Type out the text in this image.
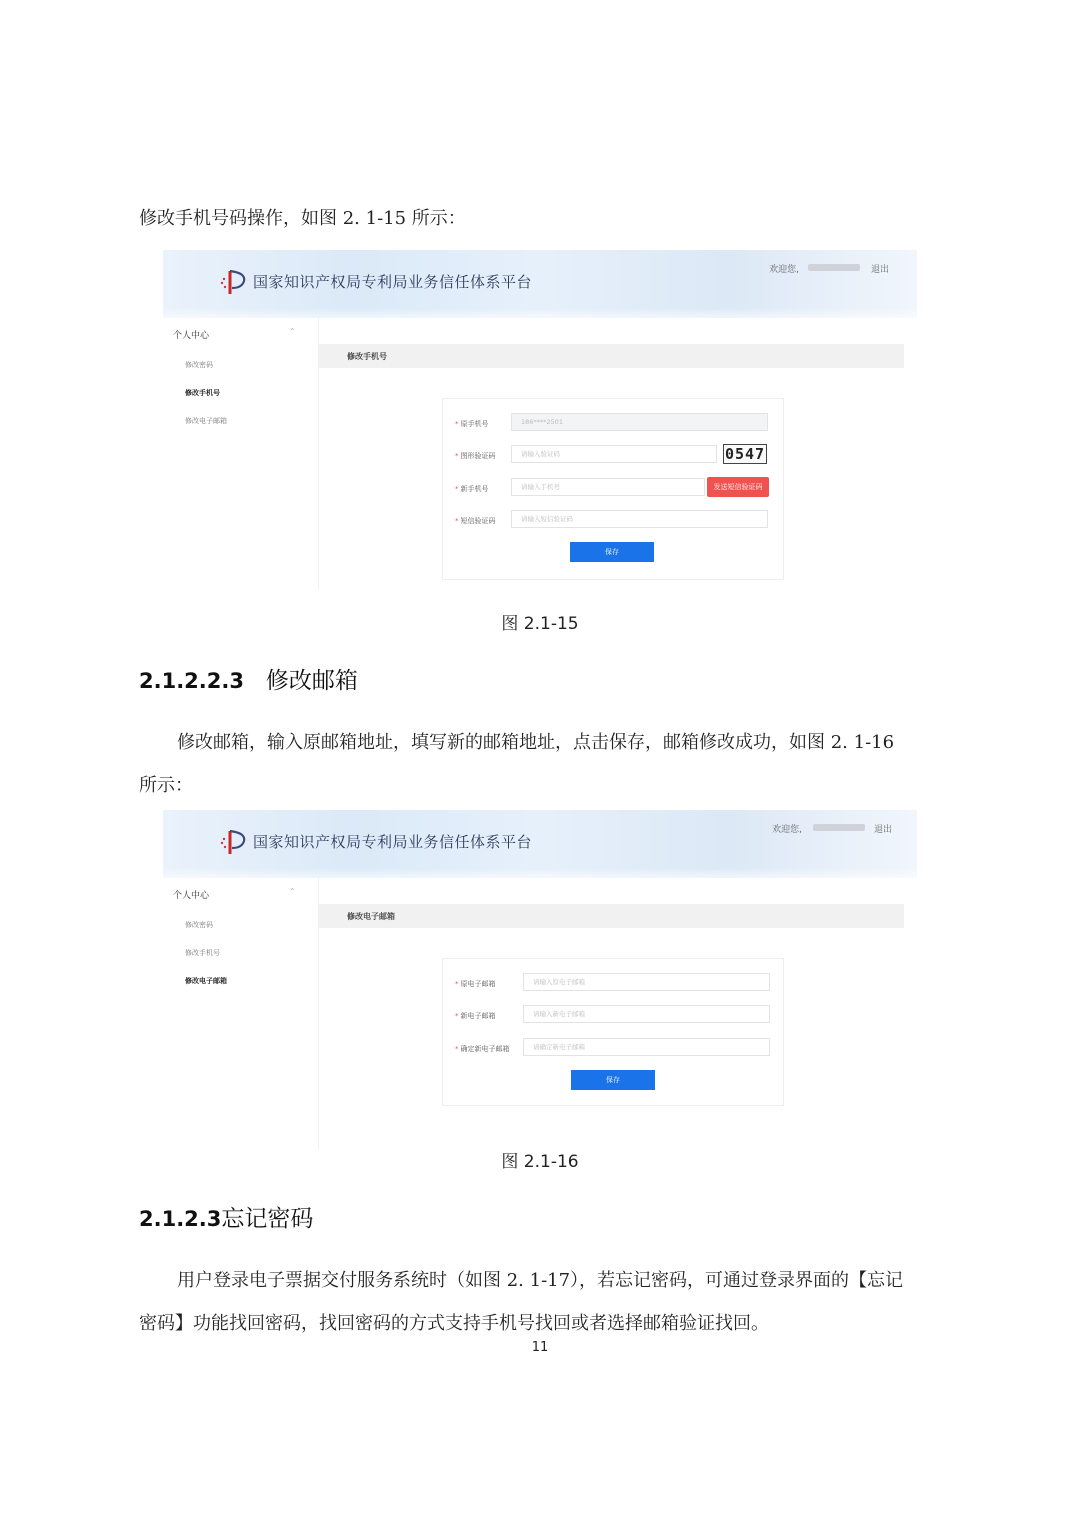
修改手机号码操作，如图 2. 1-15 所示：
国家知识产权局专利局业务信任体系平台
欢迎您,	退出
个人中心	⌃
修改密码
修改手机号
修改电子邮箱
修改手机号
* 原手机号	186****2501
* 图形验证码	请输入验证码	0547
* 新手机号	请输入手机号	发送短信验证码
* 短信验证码	请输入短信验证码
保存
图 2.1-15
2.1.2.2.3 修改邮箱
修改邮箱，输入原邮箱地址，填写新的邮箱地址，点击保存，邮箱修改成功，如图 2. 1-16
所示：
国家知识产权局专利局业务信任体系平台
欢迎您,	退出
个人中心	⌃
修改密码
修改手机号
修改电子邮箱
修改电子邮箱
* 原电子邮箱	请输入原电子邮箱
* 新电子邮箱	请输入新电子邮箱
* 确定新电子邮箱	请确定新电子邮箱
保存
图 2.1-16
2.1.2.3忘记密码
用户登录电子票据交付服务系统时（如图 2. 1-17），若忘记密码，可通过登录界面的【忘记
密码】功能找回密码，找回密码的方式支持手机号找回或者选择邮箱验证找回。
11
